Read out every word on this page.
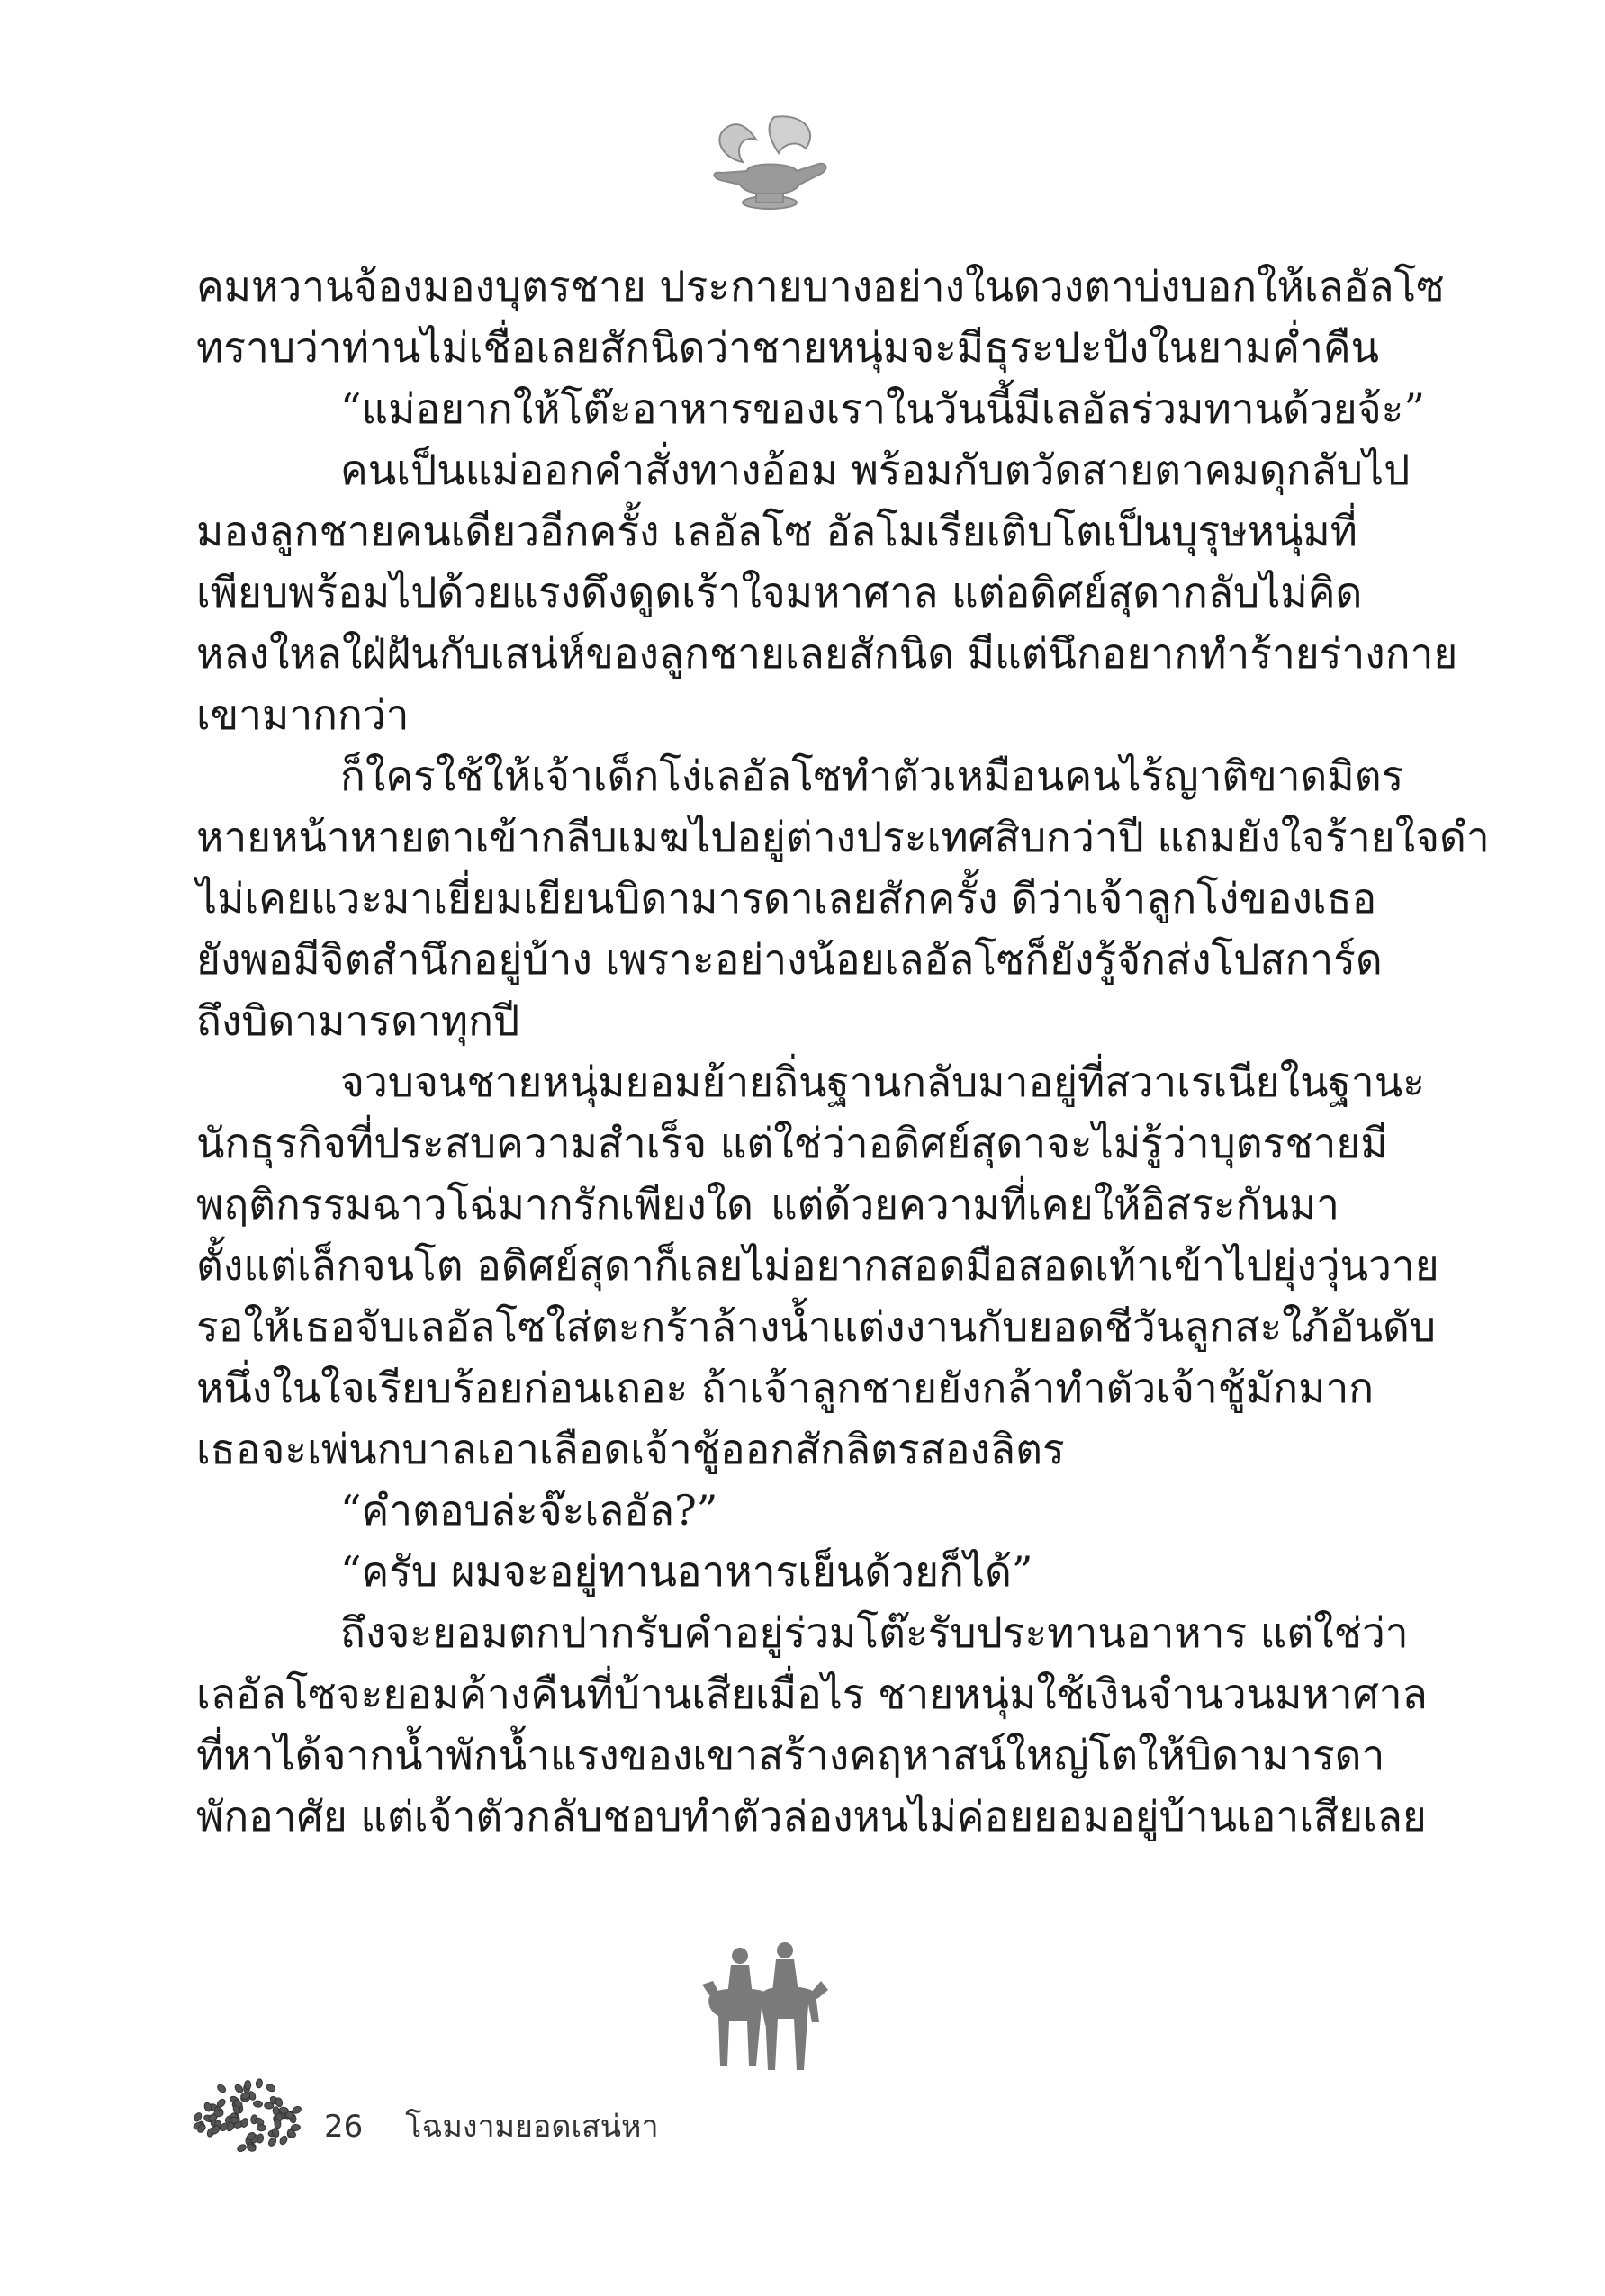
คมหวานจ้องมองบุตรชาย ประกายบางอย่างในดวงตาบ่งบอกให้เลอัลโซ
ทราบว่าท่านไม่เชื่อเลยสักนิดว่าชายหนุ่มจะมีธุระปะปังในยามค่ำคืน
“แม่อยากให้โต๊ะอาหารของเราในวันนี้มีเลอัลร่วมทานด้วยจ้ะ”
คนเป็นแม่ออกคำสั่งทางอ้อม พร้อมกับตวัดสายตาคมดุกลับไป
มองลูกชายคนเดียวอีกครั้ง เลอัลโซ อัลโมเรียเติบโตเป็นบุรุษหนุ่มที่
เพียบพร้อมไปด้วยแรงดึงดูดเร้าใจมหาศาล แต่อดิศย์สุดากลับไม่คิด
หลงใหลใฝ่ฝันกับเสน่ห์ของลูกชายเลยสักนิด มีแต่นึกอยากทำร้ายร่างกาย
เขามากกว่า
ก็ใครใช้ให้เจ้าเด็กโง่เลอัลโซทำตัวเหมือนคนไร้ญาติขาดมิตร
หายหน้าหายตาเข้ากลีบเมฆไปอยู่ต่างประเทศสิบกว่าปี แถมยังใจร้ายใจดำ
ไม่เคยแวะมาเยี่ยมเยียนบิดามารดาเลยสักครั้ง ดีว่าเจ้าลูกโง่ของเธอ
ยังพอมีจิตสำนึกอยู่บ้าง เพราะอย่างน้อยเลอัลโซก็ยังรู้จักส่งโปสการ์ด
ถึงบิดามารดาทุกปี
จวบจนชายหนุ่มยอมย้ายถิ่นฐานกลับมาอยู่ที่สวาเรเนียในฐานะ
นักธุรกิจที่ประสบความสำเร็จ แต่ใช่ว่าอดิศย์สุดาจะไม่รู้ว่าบุตรชายมี
พฤติกรรมฉาวโฉ่มากรักเพียงใด แต่ด้วยความที่เคยให้อิสระกันมา
ตั้งแต่เล็กจนโต อดิศย์สุดาก็เลยไม่อยากสอดมือสอดเท้าเข้าไปยุ่งวุ่นวาย
รอให้เธอจับเลอัลโซใส่ตะกร้าล้างน้ำแต่งงานกับยอดชีวันลูกสะใภ้อันดับ
หนึ่งในใจเรียบร้อยก่อนเถอะ ถ้าเจ้าลูกชายยังกล้าทำตัวเจ้าชู้มักมาก
เธอจะเพ่นกบาลเอาเลือดเจ้าชู้ออกสักลิตรสองลิตร
“คำตอบล่ะจ๊ะเลอัล?”
“ครับ ผมจะอยู่ทานอาหารเย็นด้วยก็ได้”
ถึงจะยอมตกปากรับคำอยู่ร่วมโต๊ะรับประทานอาหาร แต่ใช่ว่า
เลอัลโซจะยอมค้างคืนที่บ้านเสียเมื่อไร ชายหนุ่มใช้เงินจำนวนมหาศาล
ที่หาได้จากน้ำพักน้ำแรงของเขาสร้างคฤหาสน์ใหญ่โตให้บิดามารดา
พักอาศัย แต่เจ้าตัวกลับชอบทำตัวล่องหนไม่ค่อยยอมอยู่บ้านเอาเสียเลย
26 โฉมงามยอดเสน่หา
